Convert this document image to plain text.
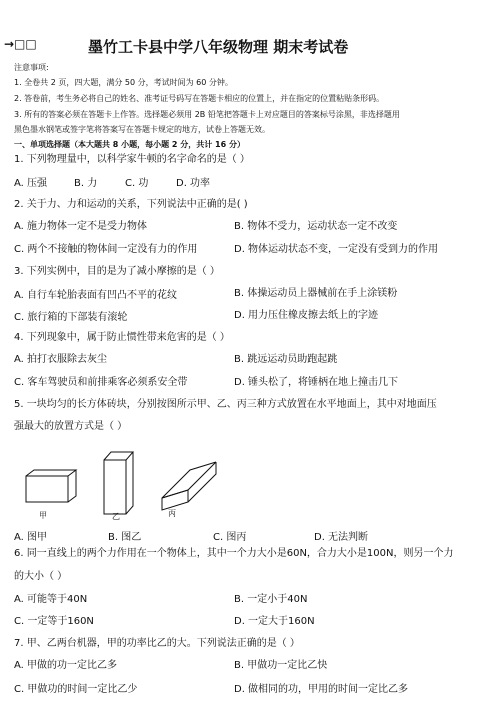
→□□	墨竹工卡县中学八年级物理 期末考试卷
注意事项:
1. 全卷共 2 页，四大题，满分 50 分，考试时间为 60 分钟。
2. 答卷前，考生务必将自己的姓名、准考证号码写在答题卡相应的位置上，并在指定的位置粘贴条形码。
3. 所有的答案必须在答题卡上作答。选择题必须用 2B 铅笔把答题卡上对应题目的答案标号涂黑，非选择题用
黑色墨水钢笔或签字笔将答案写在答题卡规定的地方，试卷上答题无效。
一、单项选择题（本大题共 8 小题，每小题 2 分，共计 16 分）
1. 下列物理量中，以科学家牛顿的名字命名的是（ ）
A. 压强	B. 力	C. 功	D. 功率
2. 关于力、力和运动的关系，下列说法中正确的是( )
A. 施力物体一定不是受力物体	B. 物体不受力，运动状态一定不改变
C. 两个不接触的物体间一定没有力的作用	D. 物体运动状态不变，一定没有受到力的作用
3. 下列实例中，目的是为了减小摩擦的是（ ）
A. 自行车轮胎表面有凹凸不平的花纹	B. 体操运动员上器械前在手上涂镁粉
C. 旅行箱的下部装有滚轮	D. 用力压住橡皮擦去纸上的字迹
4. 下列现象中，属于防止惯性带来危害的是（ ）
A. 拍打衣服除去灰尘	B. 跳远运动员助跑起跳
C. 客车驾驶员和前排乘客必须系安全带	D. 锤头松了，将锤柄在地上撞击几下
5. 一块均匀的长方体砖块，分别按图所示甲、乙、丙三种方式放置在水平地面上，其中对地面压
强最大的放置方式是（ ）
甲	乙	丙
A. 图甲	B. 图乙	C. 图丙	D. 无法判断
6. 同一直线上的两个力作用在一个物体上，其中一个力大小是60N，合力大小是100N，则另一个力
的大小（ ）
A. 可能等于40N	B. 一定小于40N
C. 一定等于160N	D. 一定大于160N
7. 甲、乙两台机器，甲的功率比乙的大。下列说法正确的是（ ）
A. 甲做的功一定比乙多	B. 甲做功一定比乙快
C. 甲做功的时间一定比乙少	D. 做相同的功，甲用的时间一定比乙多
